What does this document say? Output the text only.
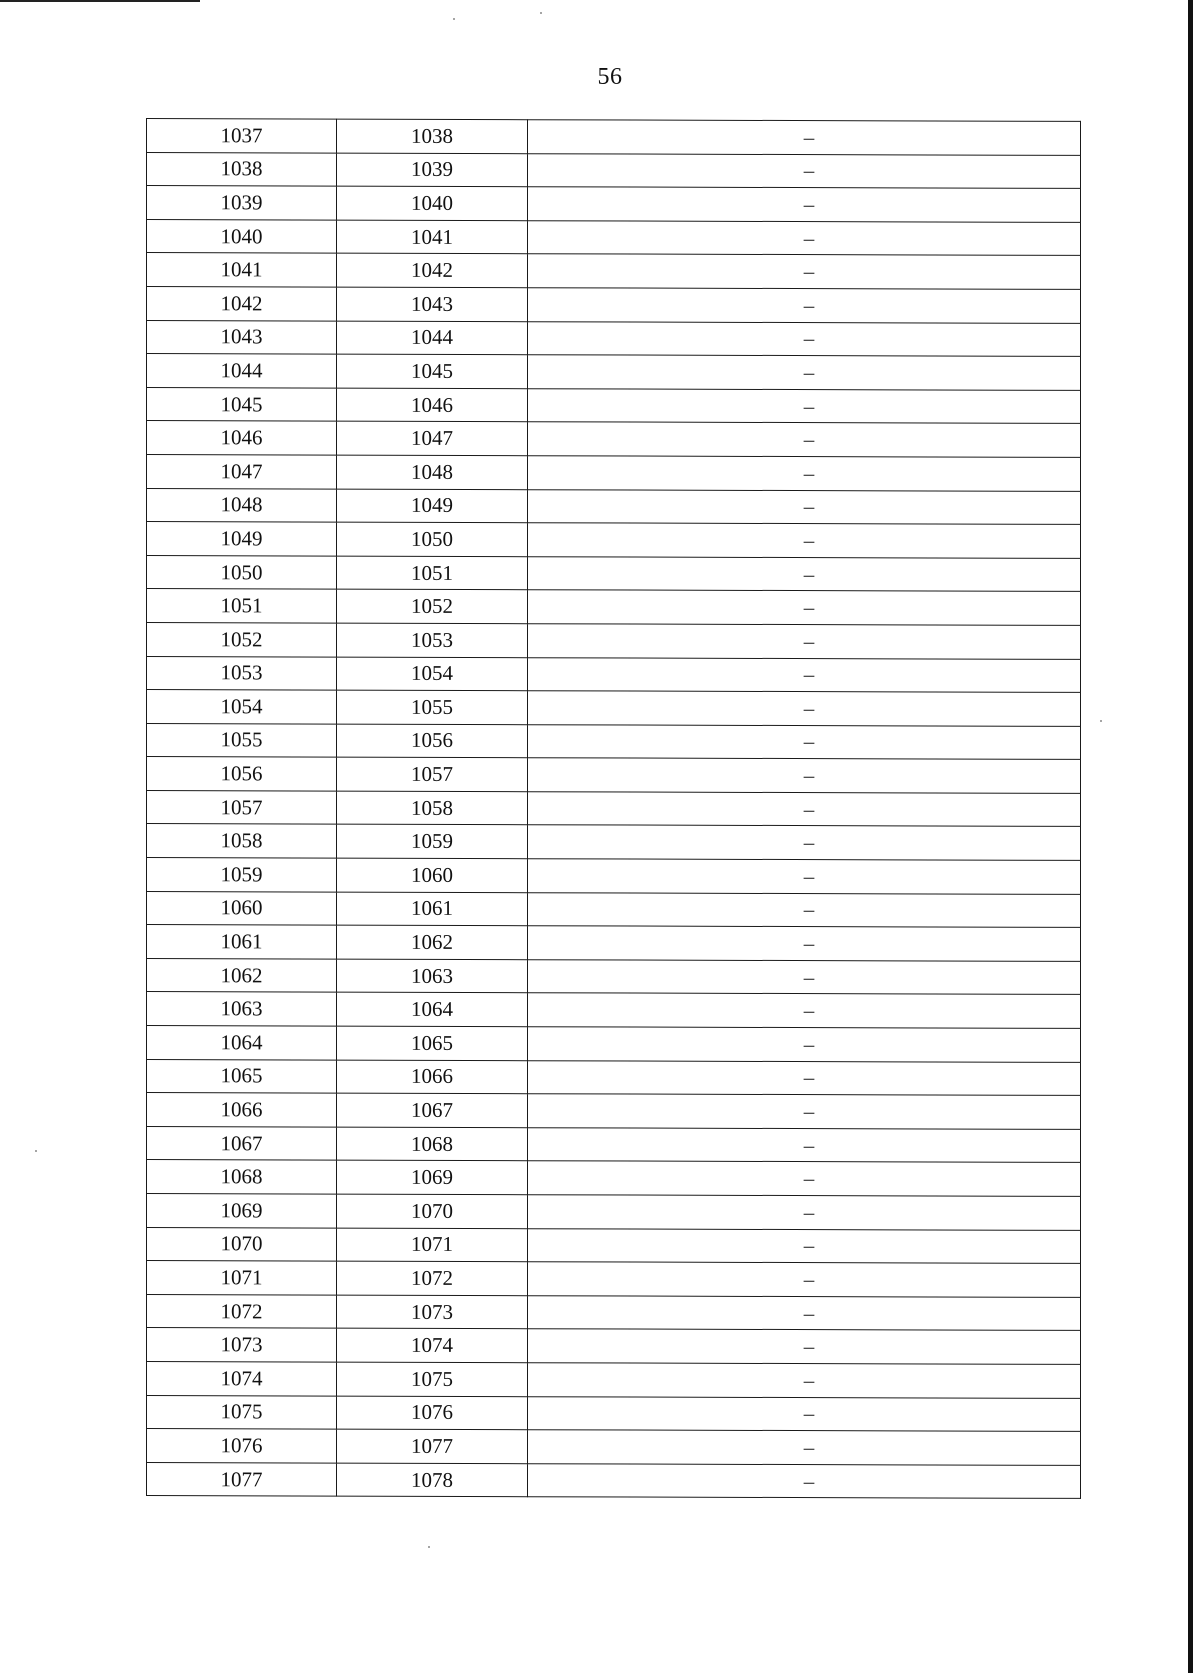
56
1037	1038	–
1038	1039	–
1039	1040	–
1040	1041	–
1041	1042	–
1042	1043	–
1043	1044	–
1044	1045	–
1045	1046	–
1046	1047	–
1047	1048	–
1048	1049	–
1049	1050	–
1050	1051	–
1051	1052	–
1052	1053	–
1053	1054	–
1054	1055	–
1055	1056	–
1056	1057	–
1057	1058	–
1058	1059	–
1059	1060	–
1060	1061	–
1061	1062	–
1062	1063	–
1063	1064	–
1064	1065	–
1065	1066	–
1066	1067	–
1067	1068	–
1068	1069	–
1069	1070	–
1070	1071	–
1071	1072	–
1072	1073	–
1073	1074	–
1074	1075	–
1075	1076	–
1076	1077	–
1077	1078	–
